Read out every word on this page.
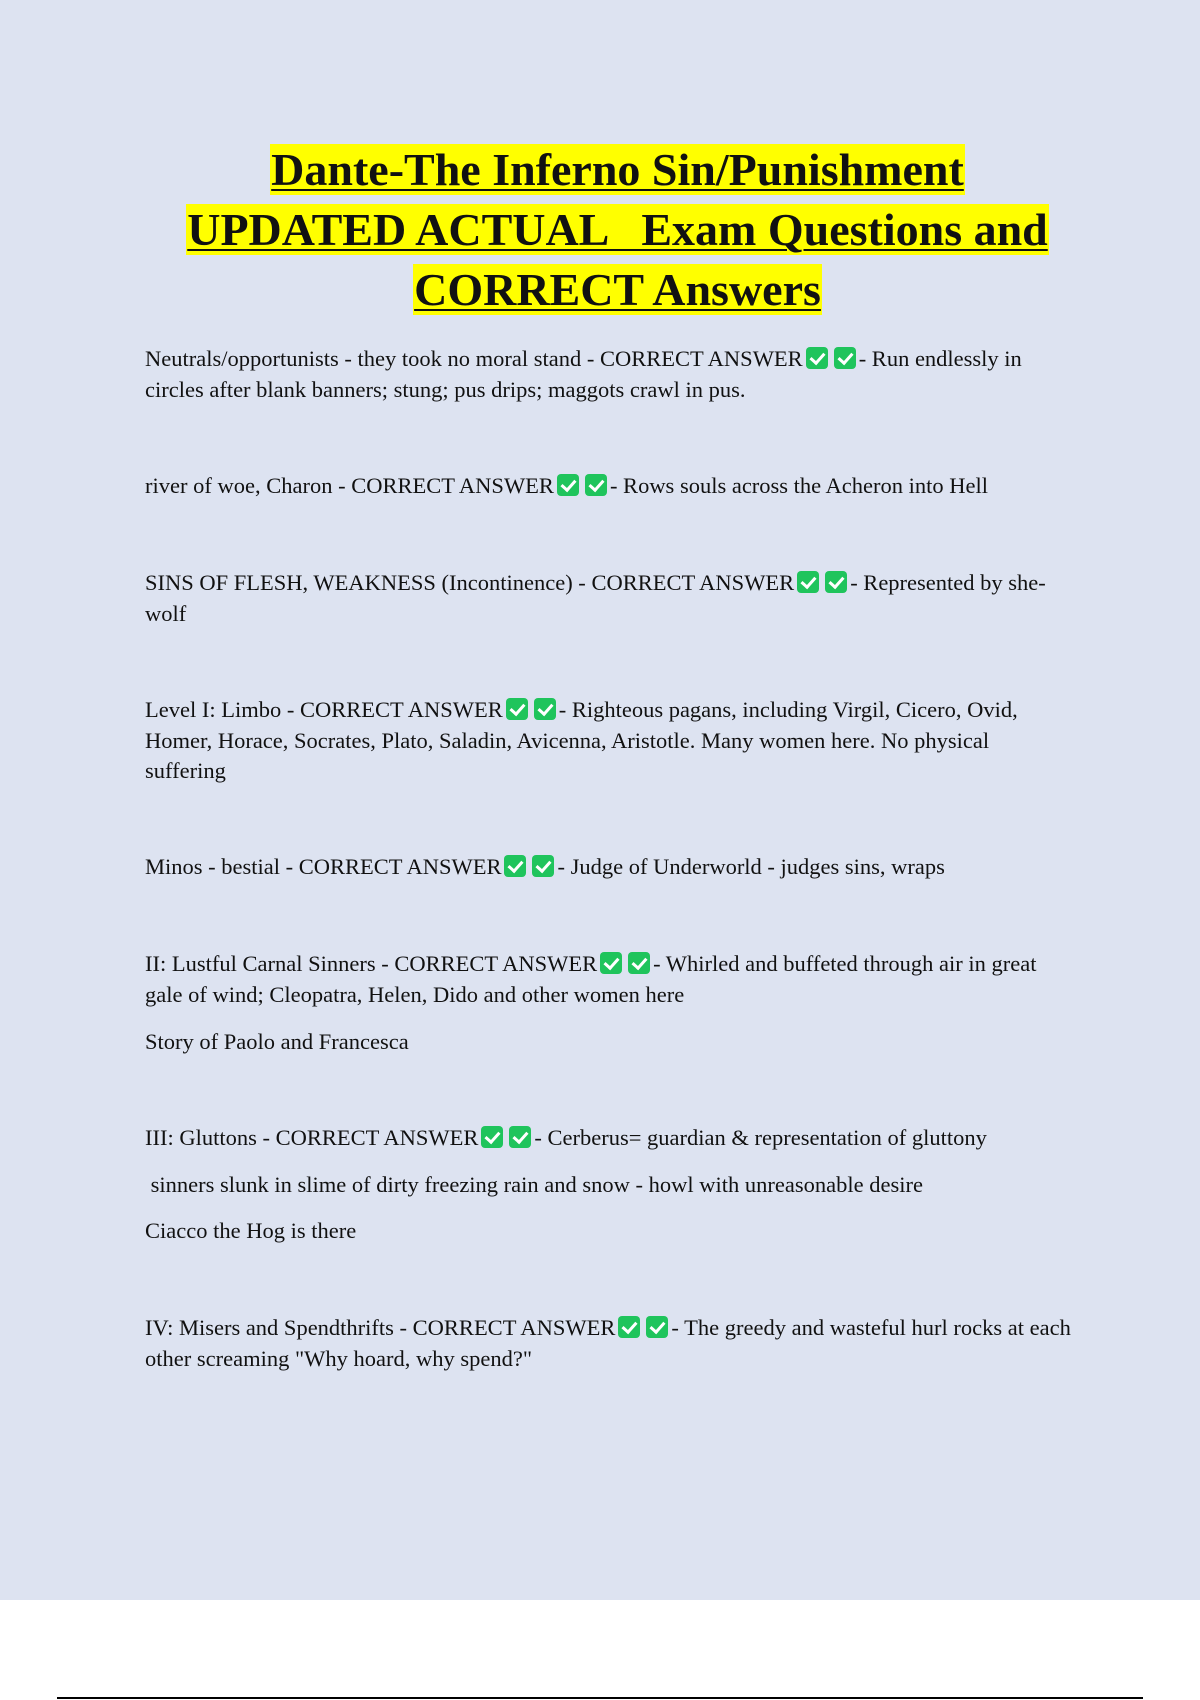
Dante-The Inferno Sin/Punishment
UPDATED ACTUAL   Exam Questions and
CORRECT Answers

Neutrals/opportunists - they took no moral stand - CORRECT ANSWER - Run endlessly in circles after blank banners; stung; pus drips; maggots crawl in pus.

river of woe, Charon - CORRECT ANSWER - Rows souls across the Acheron into Hell

SINS OF FLESH, WEAKNESS (Incontinence) - CORRECT ANSWER - Represented by she-wolf

Level I: Limbo - CORRECT ANSWER - Righteous pagans, including Virgil, Cicero, Ovid, Homer, Horace, Socrates, Plato, Saladin, Avicenna, Aristotle. Many women here. No physical suffering

Minos - bestial - CORRECT ANSWER - Judge of Underworld - judges sins, wraps

II: Lustful Carnal Sinners - CORRECT ANSWER - Whirled and buffeted through air in great gale of wind; Cleopatra, Helen, Dido and other women here

Story of Paolo and Francesca

III: Gluttons - CORRECT ANSWER - Cerberus= guardian & representation of gluttony

sinners slunk in slime of dirty freezing rain and snow - howl with unreasonable desire

Ciacco the Hog is there

IV: Misers and Spendthrifts - CORRECT ANSWER - The greedy and wasteful hurl rocks at each other screaming "Why hoard, why spend?"
